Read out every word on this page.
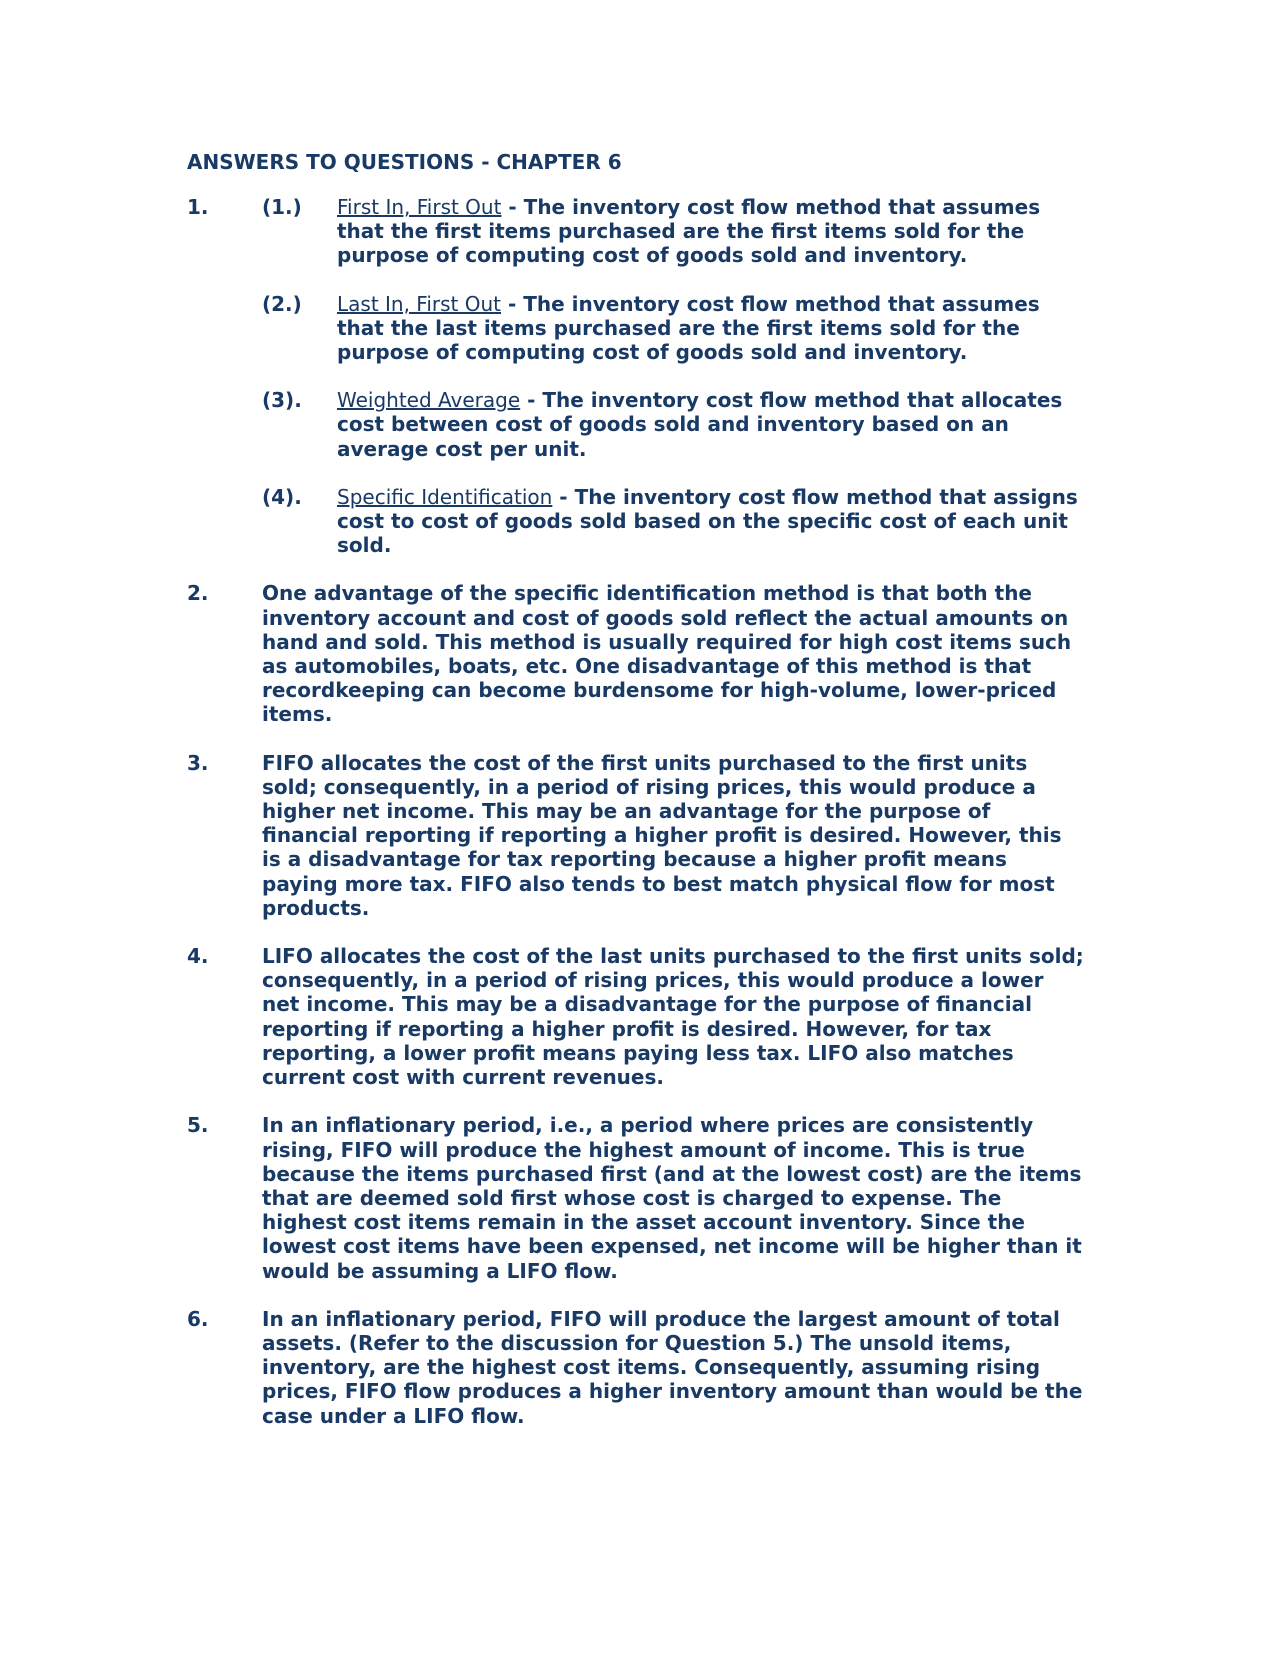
ANSWERS TO QUESTIONS - CHAPTER 6
1.	(1.) First In, First Out - The inventory cost flow method that assumes that the first items purchased are the first items sold for the purpose of computing cost of goods sold and inventory.
(2.) Last In, First Out - The inventory cost flow method that assumes that the last items purchased are the first items sold for the purpose of computing cost of goods sold and inventory.
(3). Weighted Average - The inventory cost flow method that allocates cost between cost of goods sold and inventory based on an average cost per unit.
(4). Specific Identification - The inventory cost flow method that assigns cost to cost of goods sold based on the specific cost of each unit sold.
2.	One advantage of the specific identification method is that both the inventory account and cost of goods sold reflect the actual amounts on hand and sold. This method is usually required for high cost items such as automobiles, boats, etc. One disadvantage of this method is that recordkeeping can become burdensome for high-volume, lower-priced items.
3.	FIFO allocates the cost of the first units purchased to the first units sold; consequently, in a period of rising prices, this would produce a higher net income. This may be an advantage for the purpose of financial reporting if reporting a higher profit is desired. However, this is a disadvantage for tax reporting because a higher profit means paying more tax. FIFO also tends to best match physical flow for most products.
4.	LIFO allocates the cost of the last units purchased to the first units sold; consequently, in a period of rising prices, this would produce a lower net income. This may be a disadvantage for the purpose of financial reporting if reporting a higher profit is desired. However, for tax reporting, a lower profit means paying less tax. LIFO also matches current cost with current revenues.
5.	In an inflationary period, i.e., a period where prices are consistently rising, FIFO will produce the highest amount of income. This is true because the items purchased first (and at the lowest cost) are the items that are deemed sold first whose cost is charged to expense. The highest cost items remain in the asset account inventory. Since the lowest cost items have been expensed, net income will be higher than it would be assuming a LIFO flow.
6.	In an inflationary period, FIFO will produce the largest amount of total assets. (Refer to the discussion for Question 5.) The unsold items, inventory, are the highest cost items. Consequently, assuming rising prices, FIFO flow produces a higher inventory amount than would be the case under a LIFO flow.
